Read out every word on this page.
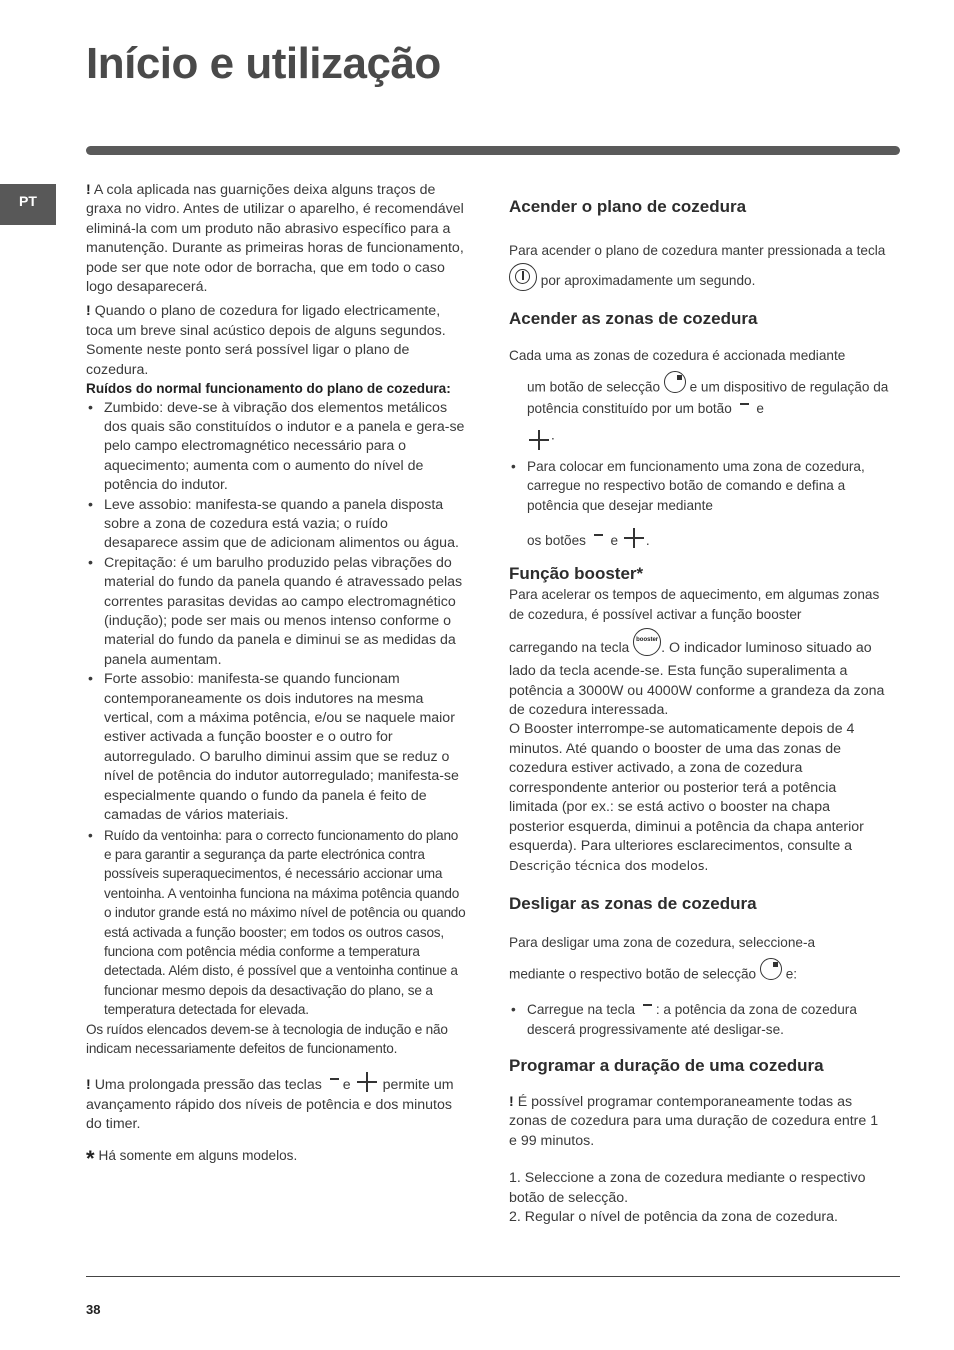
Início e utilização
PT

! A cola aplicada nas guarnições deixa alguns traços de graxa no vidro. Antes de utilizar o aparelho, é recomendável eliminá-la com um produto não abrasivo específico para a manutenção. Durante as primeiras horas de funcionamento, pode ser que note odor de borracha, que em todo o caso logo desaparecerá.

! Quando o plano de cozedura for ligado electricamente, toca um breve sinal acústico depois de alguns segundos. Somente neste ponto será possível ligar o plano de cozedura.

Ruídos do normal funcionamento do plano de cozedura:

• Zumbido: deve-se à vibração dos elementos metálicos dos quais são constituídos o indutor e a panela e gera-se pelo campo electromagnético necessário para o aquecimento; aumenta com o aumento do nível de potência do indutor.
• Leve assobio: manifesta-se quando a panela disposta sobre a zona de cozedura está vazia; o ruído desaparece assim que de adicionam alimentos ou água.
• Crepitação: é um barulho produzido pelas vibrações do material do fundo da panela quando é atravessado pelas correntes parasitas devidas ao campo electromagnético (indução); pode ser mais ou menos intenso conforme o material do fundo da panela e diminui se as medidas da panela aumentam.
• Forte assobio: manifesta-se quando funcionam contemporaneamente os dois indutores na mesma vertical, com a máxima potência, e/ou se naquele maior estiver activada a função booster e o outro for autorregulado. O barulho diminui assim que se reduz o nível de potência do indutor autorregulado; manifesta-se especialmente quando o fundo da panela é feito de camadas de vários materiais.
• Ruído da ventoinha: para o correcto funcionamento do plano e para garantir a segurança da parte electrónica contra possíveis superaquecimentos, é necessário accionar uma ventoinha. A ventoinha funciona na máxima potência quando o indutor grande está no máximo nível de potência ou quando está activada a função booster; em todos os outros casos, funciona com potência média conforme a temperatura detectada. Além disto, é possível que a ventoinha continue a funcionar mesmo depois da desactivação do plano, se a temperatura detectada for elevada.

Os ruídos elencados devem-se à tecnologia de indução e não indicam necessariamente defeitos de funcionamento.

! Uma prolongada pressão das teclas e permite um avançamento rápido dos níveis de potência e dos minutos do timer.

* Há somente em alguns modelos.

Acender o plano de cozedura

Para acender o plano de cozedura manter pressionada a tecla  por aproximadamente um segundo.

Acender as zonas de cozedura

Cada uma as zonas de cozedura é accionada mediante

um botão de selecção e um dispositivo de regulação da potência constituído por um botão e
.

• Para colocar em funcionamento uma zona de cozedura, carregue no respectivo botão de comando e defina a potência que desejar mediante
os botões e .
Função booster*

Para acelerar os tempos de aquecimento, em algumas zonas de cozedura, é possível activar a função booster

carregando na tecla booster . O indicador luminoso situado ao lado da tecla acende-se. Esta função superalimenta a potência a 3000W ou 4000W conforme a grandeza da zona de cozedura interessada.

O Booster interrompe-se automaticamente depois de 4 minutos. Até quando o booster de uma das zonas de cozedura estiver activado, a zona de cozedura correspondente anterior ou posterior terá a potência limitada (por ex.: se está activo o booster na chapa posterior esquerda, diminui a potência da chapa anterior esquerda). Para ulteriores esclarecimentos, consulte a Descrição técnica dos modelos.

Desligar as zonas de cozedura

Para desligar uma zona de cozedura, seleccione-a

mediante o respectivo botão de selecção e:

• Carregue na tecla : a potência da zona de cozedura descerá progressivamente até desligar-se.
Programar a duração de uma cozedura

! É possível programar contemporaneamente todas as zonas de cozedura para uma duração de cozedura entre 1 e 99 minutos.

1. Seleccione a zona de cozedura mediante o respectivo botão de selecção.

2. Regular o nível de potência da zona de cozedura.

38
